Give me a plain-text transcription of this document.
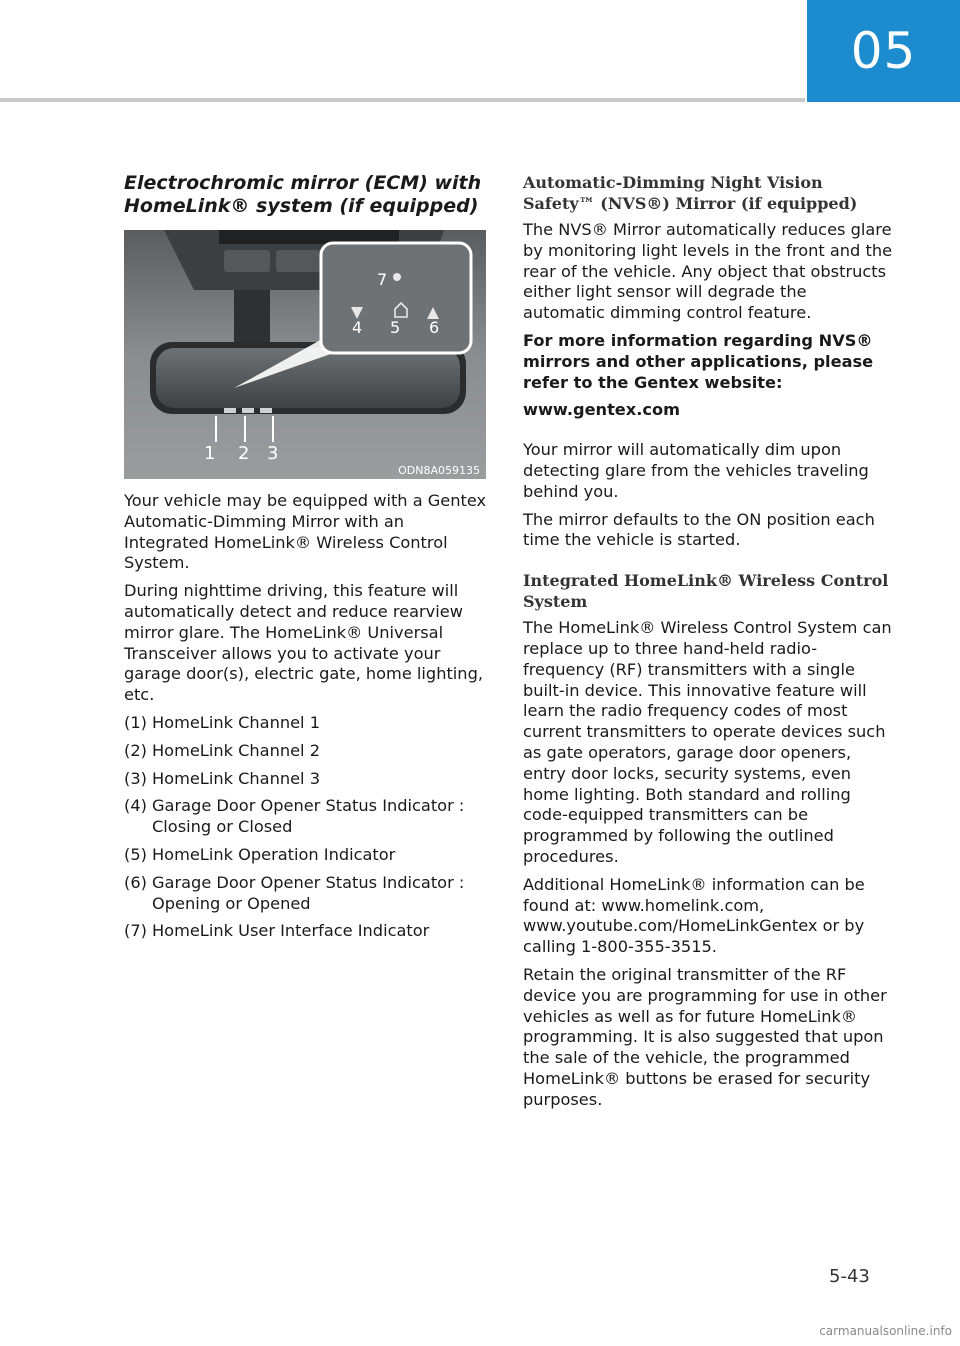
05
Electrochromic mirror (ECM) with HomeLink® system (if equipped)
1 2 3
4 5 6
7
ODN8A059135

Your vehicle may be equipped with a Gentex Automatic-Dimming Mirror with an Integrated HomeLink® Wireless Control System.

During nighttime driving, this feature will automatically detect and reduce rearview mirror glare. The HomeLink® Universal Transceiver allows you to activate your garage door(s), electric gate, home lighting, etc.

(1) HomeLink Channel 1
(2) HomeLink Channel 2
(3) HomeLink Channel 3
(4) Garage Door Opener Status Indicator : Closing or Closed
(5) HomeLink Operation Indicator
(6) Garage Door Opener Status Indicator : Opening or Opened
(7) HomeLink User Interface Indicator
Automatic-Dimming Night Vision Safety™ (NVS®) Mirror (if equipped)

The NVS® Mirror automatically reduces glare by monitoring light levels in the front and the rear of the vehicle. Any object that obstructs either light sensor will degrade the automatic dimming control feature.

For more information regarding NVS® mirrors and other applications, please refer to the Gentex website:

www.gentex.com

Your mirror will automatically dim upon detecting glare from the vehicles traveling behind you.

The mirror defaults to the ON position each time the vehicle is started.

Integrated HomeLink® Wireless Control System

The HomeLink® Wireless Control System can replace up to three hand-held radio-frequency (RF) transmitters with a single built-in device. This innovative feature will learn the radio frequency codes of most current transmitters to operate devices such as gate operators, garage door openers, entry door locks, security systems, even home lighting. Both standard and rolling code-equipped transmitters can be programmed by following the outlined procedures.

Additional HomeLink® information can be found at: www.homelink.com, www.youtube.com/HomeLinkGentex or by calling 1-800-355-3515.

Retain the original transmitter of the RF device you are programming for use in other vehicles as well as for future HomeLink® programming. It is also suggested that upon the sale of the vehicle, the programmed HomeLink® buttons be erased for security purposes.

5-43
carmanualsonline.info
